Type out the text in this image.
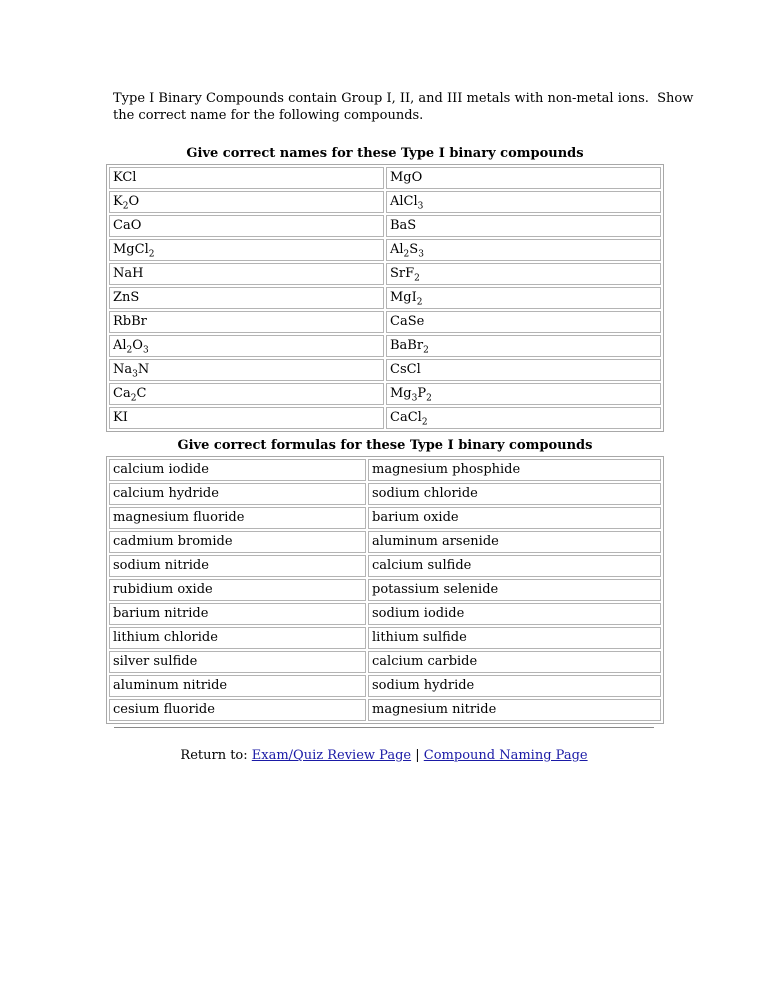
Type I Binary Compounds contain Group I, II, and III metals with non-metal ions.  Show
the correct name for the following compounds.
Give correct names for these Type I binary compounds
KCl	MgO
$K_2O$	AlCl$_3$
CaO	BaS
MgCl$_2$	$Al_2S_3$
NaH	SrF$_2$
ZnS	MgI$_2$
RbBr	CaSe
$Al_2O_3$	BaBr$_2$
$Na_3N$	CsCl
$Ca_2C$	$Mg_3P_2$
KI	CaCl$_2$
Give correct formulas for these Type I binary compounds
calcium iodide	magnesium phosphide
calcium hydride	sodium chloride
magnesium fluoride	barium oxide
cadmium bromide	aluminum arsenide
sodium nitride	calcium sulfide
rubidium oxide	potassium selenide
barium nitride	sodium iodide
lithium chloride	lithium sulfide
silver sulfide	calcium carbide
aluminum nitride	sodium hydride
cesium fluoride	magnesium nitride
Return to: Exam/Quiz Review Page | Compound Naming Page
